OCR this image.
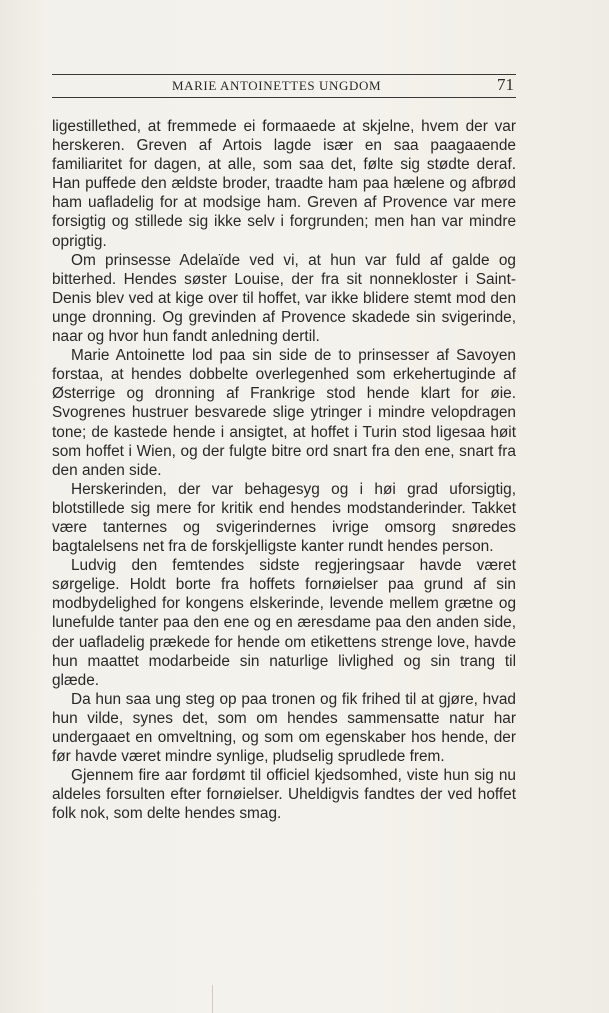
MARIE ANTOINETTES UNGDOM	71

ligestillethed, at fremmede ei formaaede at skjelne, hvem der var herskeren. Greven af Artois lagde især en saa paagaaende familiaritet for dagen, at alle, som saa det, følte sig stødte deraf. Han puffede den ældste broder, traadte ham paa hælene og afbrød ham uafladelig for at modsige ham. Greven af Provence var mere forsigtig og stillede sig ikke selv i forgrunden; men han var mindre oprigtig.

Om prinsesse Adelaïde ved vi, at hun var fuld af galde og bitterhed. Hendes søster Louise, der fra sit nonnekloster i Saint-Denis blev ved at kige over til hoffet, var ikke blidere stemt mod den unge dronning. Og grevinden af Provence skadede sin svigerinde, naar og hvor hun fandt anledning dertil.

Marie Antoinette lod paa sin side de to prinsesser af Savoyen forstaa, at hendes dobbelte overlegenhed som erkehertuginde af Østerrige og dronning af Frankrige stod hende klart for øie. Svogrenes hustruer besvarede slige ytringer i mindre velopdragen tone; de kastede hende i ansigtet, at hoffet i Turin stod ligesaa høit som hoffet i Wien, og der fulgte bitre ord snart fra den ene, snart fra den anden side.

Herskerinden, der var behagesyg og i høi grad uforsigtig, blotstillede sig mere for kritik end hendes modstanderinder. Takket være tanternes og svigerindernes ivrige omsorg snøredes bagtalelsens net fra de forskjelligste kanter rundt hendes person.

Ludvig den femtendes sidste regjeringsaar havde været sørgelige. Holdt borte fra hoffets fornøielser paa grund af sin modbydelighed for kongens elskerinde, levende mellem grætne og lunefulde tanter paa den ene og en æresdame paa den anden side, der uafladelig prækede for hende om etikettens strenge love, havde hun maattet modarbeide sin naturlige livlighed og sin trang til glæde.

Da hun saa ung steg op paa tronen og fik frihed til at gjøre, hvad hun vilde, synes det, som om hendes sammensatte natur har undergaaet en omveltning, og som om egenskaber hos hende, der før havde været mindre synlige, pludselig sprudlede frem.

Gjennem fire aar fordømt til officiel kjedsomhed, viste hun sig nu aldeles forsulten efter fornøielser. Uheldigvis fandtes der ved hoffet folk nok, som delte hendes smag.
